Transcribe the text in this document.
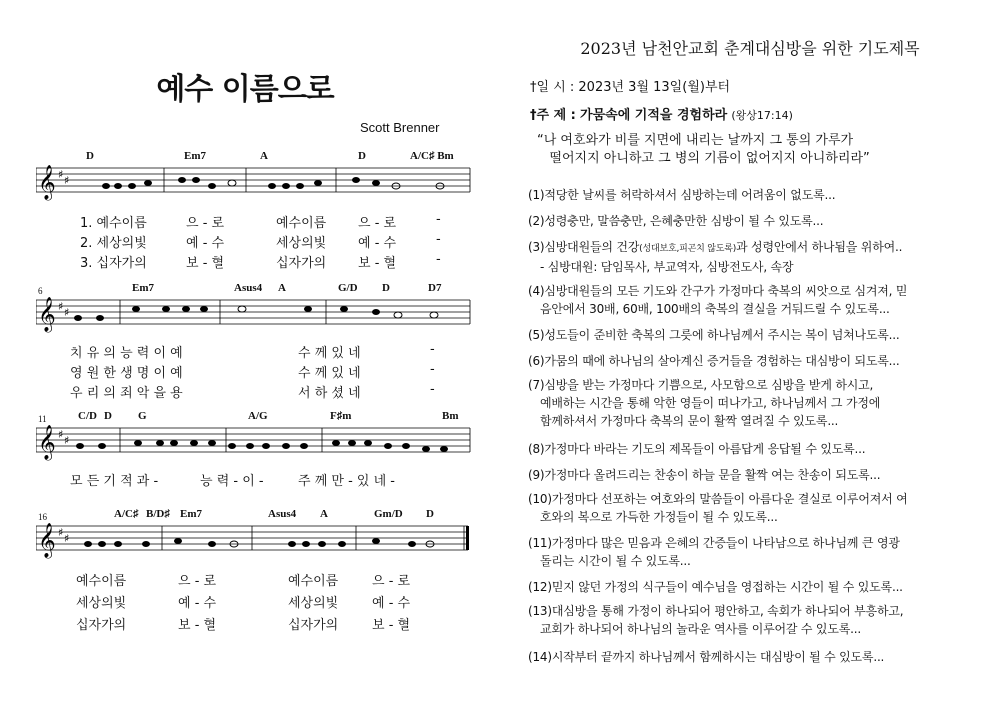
예수 이름으로
Scott Brenner
D	Em7	A	D	A/C♯ Bm
𝄞 ♯ ♯
1. 예수이름	으 - 로	예수이름 으 - 로	-
2. 세상의빛	예 - 수	세상의빛 예 - 수	-
3. 십자가의	보 - 혈	십자가의 보 - 혈	-
6	Em7	Asus4 A	G/D D	D7
𝄞 ♯ ♯
치 유 의 능 력 이 예	수 께 있 네	-
영 원 한 생 명 이 예	수 께 있 네	-
우 리 의 죄 악 을 용	서 하 셨 네	-
11	C/D D G	A/G	F♯m	Bm
𝄞 ♯ ♯
모 든 기 적 과 -	능 력 - 이 -	주 께 만 - 있 네 -
16	A/C♯ B/D♯ Em7	Asus4 A	Gm/D D
𝄞 ♯ ♯
예수이름	으 - 로	예수이름	으 - 로
세상의빛	예 - 수	세상의빛	예 - 수
십자가의	보 - 혈	십자가의	보 - 혈
2023년 남천안교회 춘계대심방을 위한 기도제목
†일 시 : 2023년 3월 13일(월)부터
†주 제 : 가뭄속에 기적을 경험하라 (왕상17:14)
“나 여호와가 비를 지면에 내리는 날까지 그 통의 가루가
떨어지지 아니하고 그 병의 기름이 없어지지 아니하리라”
(1)적당한 날씨를 허락하셔서 심방하는데 어려움이 없도록...
(2)성령충만, 말씀충만, 은혜충만한 심방이 될 수 있도록...
(3)심방대원들의 건강(성대보호,피곤치 않도록)과 성령안에서 하나됨을 위하여..
- 심방대원: 담임목사, 부교역자, 심방전도사, 속장
(4)심방대원들의 모든 기도와 간구가 가정마다 축복의 씨앗으로 심겨져, 믿
음안에서 30배, 60배, 100배의 축복의 결실을 거둬드릴 수 있도록...
(5)성도들이 준비한 축복의 그릇에 하나님께서 주시는 복이 넘쳐나도록...
(6)가뭄의 때에 하나님의 살아계신 증거들을 경험하는 대심방이 되도록...
(7)심방을 받는 가정마다 기쁨으로, 사모함으로 심방을 받게 하시고,
예배하는 시간을 통해 악한 영들이 떠나가고, 하나님께서 그 가정에
함께하셔서 가정마다 축복의 문이 활짝 열려질 수 있도록...
(8)가정마다 바라는 기도의 제목들이 아름답게 응답될 수 있도록...
(9)가정마다 올려드리는 찬송이 하늘 문을 활짝 여는 찬송이 되도록...
(10)가정마다 선포하는 여호와의 말씀들이 아름다운 결실로 이루어져서 여
호와의 복으로 가득한 가정들이 될 수 있도록...
(11)가정마다 많은 믿음과 은혜의 간증들이 나타남으로 하나님께 큰 영광
돌리는 시간이 될 수 있도록...
(12)믿지 않던 가정의 식구들이 예수님을 영접하는 시간이 될 수 있도록...
(13)대심방을 통해 가정이 하나되어 평안하고, 속회가 하나되어 부흥하고,
교회가 하나되어 하나님의 놀라운 역사를 이루어갈 수 있도록...
(14)시작부터 끝까지 하나님께서 함께하시는 대심방이 될 수 있도록...
